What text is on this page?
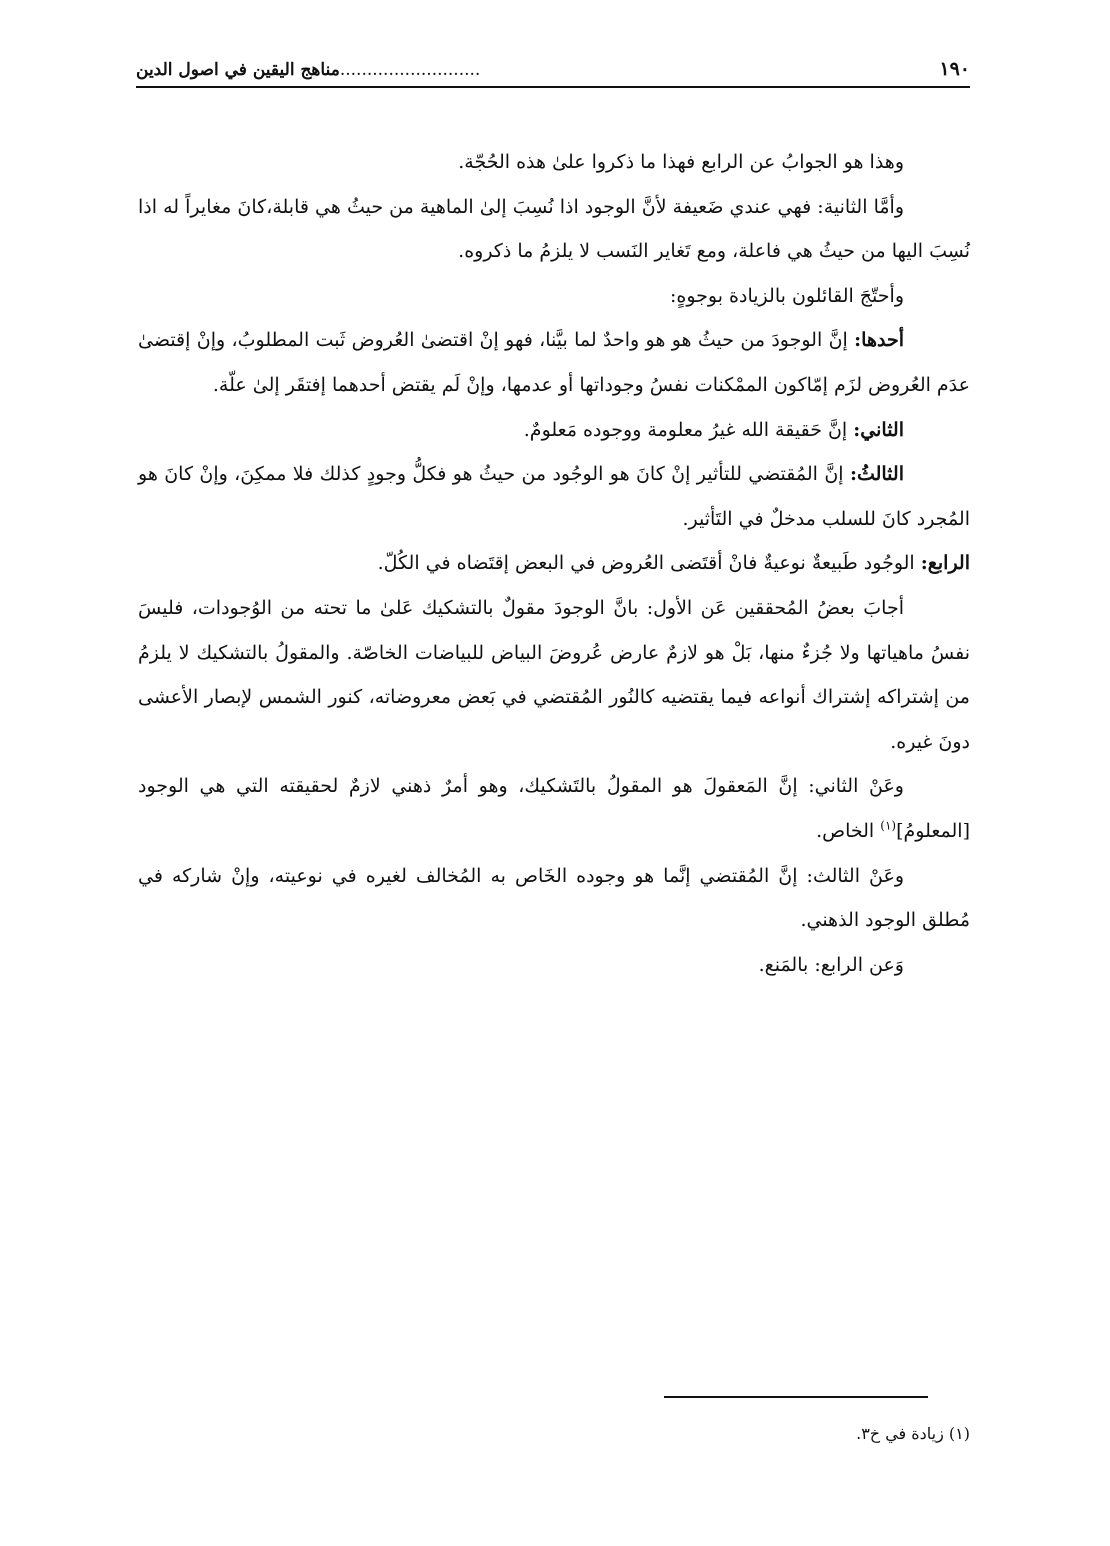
١٩٠
..........................مناهج اليقين في اصول الدين

وهذا هو الجوابُ عن الرابع فهذا ما ذكروا علىٰ هذه الحُجّة.

وأمَّا الثانية: فهي عندي ضَعيفة لأنَّ الوجود اذا نُسِبَ إلىٰ الماهية من حيثُ هي قابلة،كانَ مغايراً له اذا نُسِبَ اليها من حيثُ هي فاعلة، ومع تَغاير النَسب لا يلزمُ ما ذكروه.

وأحتّجَ القائلون بالزيادة بوجوهٍ:

أحدها: إنَّ الوجودَ من حيثُ هو هو واحدٌ لما بيَّنا، فهو إنْ اقتضىٰ العُروض ثَبت المطلوبُ، وإنْ إقتضىٰ عدَم العُروض لزَم إمّاكون الممْكنات نفسُ وجوداتها أو عدمها، وإنْ لَم يقتض أحدهما إفتقَر إلىٰ علّة.

الثاني: إنَّ حَقيقة الله غيرُ معلومة ووجوده مَعلومٌ.

الثالثُ: إنَّ المُقتضي للتأثير إنْ كانَ هو الوجُود من حيثُ هو فكلُّ وجودٍ كذلك فلا ممكِنَ، وإنْ كانَ هو المُجرد كانَ للسلب مدخلٌ في التَأثير.

الرابع: الوجُود طَبيعةٌ نوعيةٌ فانْ أقتَضى العُروض في البعض إقتَضاه في الكُلّ.

أجابَ بعضُ المُحققين عَن الأول: بانَّ الوجودَ مقولٌ بالتشكيك عَلىٰ ما تحته من الوُجودات، فليسَ نفسُ ماهياتها ولا جُزءٌ منها، بَلْ هو لازمٌ عارض عُروضَ البياض للبياضات الخاصّة. والمقولُ بالتشكيك لا يلزمُ من إشتراكه إشتراك أنواعه فيما يقتضيه كالنُور المُقتضي في بَعض معروضاته، كنور الشمس لإبصار الأعشى دونَ غيره.

وعَنْ الثاني: إنَّ المَعقولَ هو المقولُ بالتَشكيك، وهو أمرٌ ذهني لازمٌ لحقيقته التي هي الوجود [المعلومُ]$^{(١)}$ الخاص.

وعَنْ الثالث: إنَّ المُقتضي إنَّما هو وجوده الخَاص به المُخالف لغيره في نوعيته، وإنْ شاركه في مُطلق الوجود الذهني.

وَعن الرابع: بالمَنع.

(١) زيادة في خ٣.
